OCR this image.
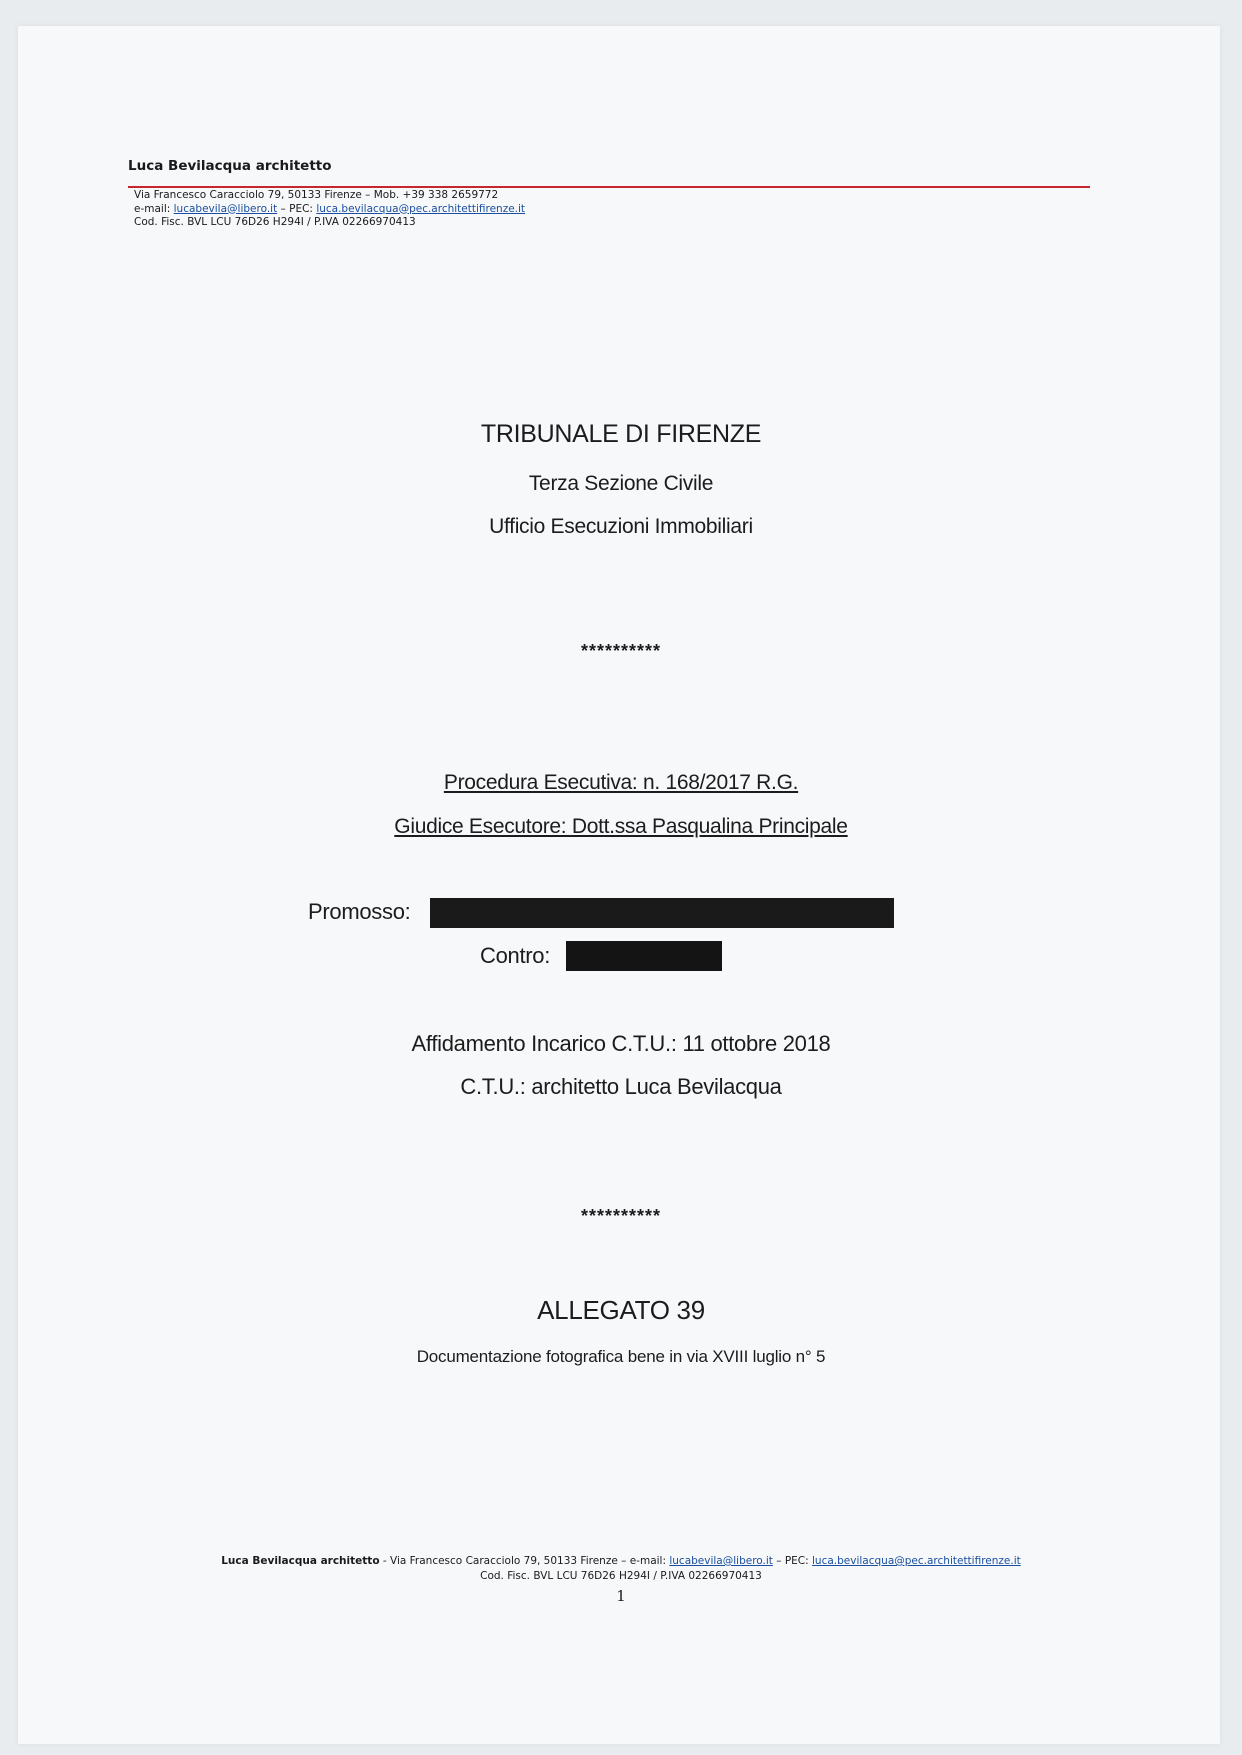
Luca Bevilacqua architetto
Via Francesco Caracciolo 79, 50133 Firenze – Mob. +39 338 2659772
e-mail: lucabevila@libero.it – PEC: luca.bevilacqua@pec.architettifirenze.it
Cod. Fisc. BVL LCU 76D26 H294I / P.IVA 02266970413
TRIBUNALE DI FIRENZE
Terza Sezione Civile
Ufficio Esecuzioni Immobiliari
**********
Procedura Esecutiva: n. 168/2017 R.G.
Giudice Esecutore: Dott.ssa Pasqualina Principale
Promosso:
Contro:
Affidamento Incarico C.T.U.: 11 ottobre 2018
C.T.U.: architetto Luca Bevilacqua
**********
ALLEGATO 39
Documentazione fotografica bene in via XVIII luglio n° 5
Luca Bevilacqua architetto - Via Francesco Caracciolo 79, 50133 Firenze – e-mail: lucabevila@libero.it – PEC: luca.bevilacqua@pec.architettifirenze.it
Cod. Fisc. BVL LCU 76D26 H294I / P.IVA 02266970413
1
